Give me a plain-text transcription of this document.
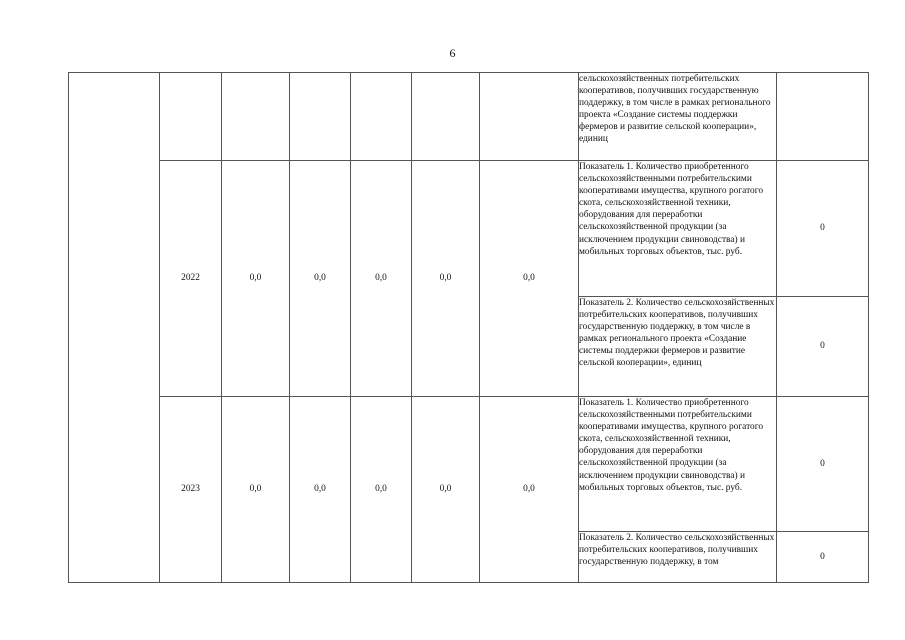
6
							сельскохозяйственных потребительских кооперативов, получивших государственную поддержку, в том числе в рамках регионального проекта «Создание системы поддержки фермеров и развитие сельской кооперации», единиц	
	2022	0,0	0,0	0,0	0,0	0,0	Показатель 1. Количество приобретенного сельскохозяйственными потребительскими кооперативами имущества, крупного рогатого скота, сельскохозяйственной техники, оборудования для переработки сельскохозяйственной продукции (за исключением продукции свиноводства) и мобильных торговых объектов, тыс. руб.	0
							Показатель 2. Количество сельскохозяйственных потребительских кооперативов, получивших государственную поддержку, в том числе в рамках регионального проекта «Создание системы поддержки фермеров и развитие сельской кооперации», единиц	0
	2023	0,0	0,0	0,0	0,0	0,0	Показатель 1. Количество приобретенного сельскохозяйственными потребительскими кооперативами имущества, крупного рогатого скота, сельскохозяйственной техники, оборудования для переработки сельскохозяйственной продукции (за исключением продукции свиноводства) и мобильных торговых объектов, тыс. руб.	0
							Показатель 2. Количество сельскохозяйственных потребительских кооперативов, получивших государственную поддержку, в том	0
